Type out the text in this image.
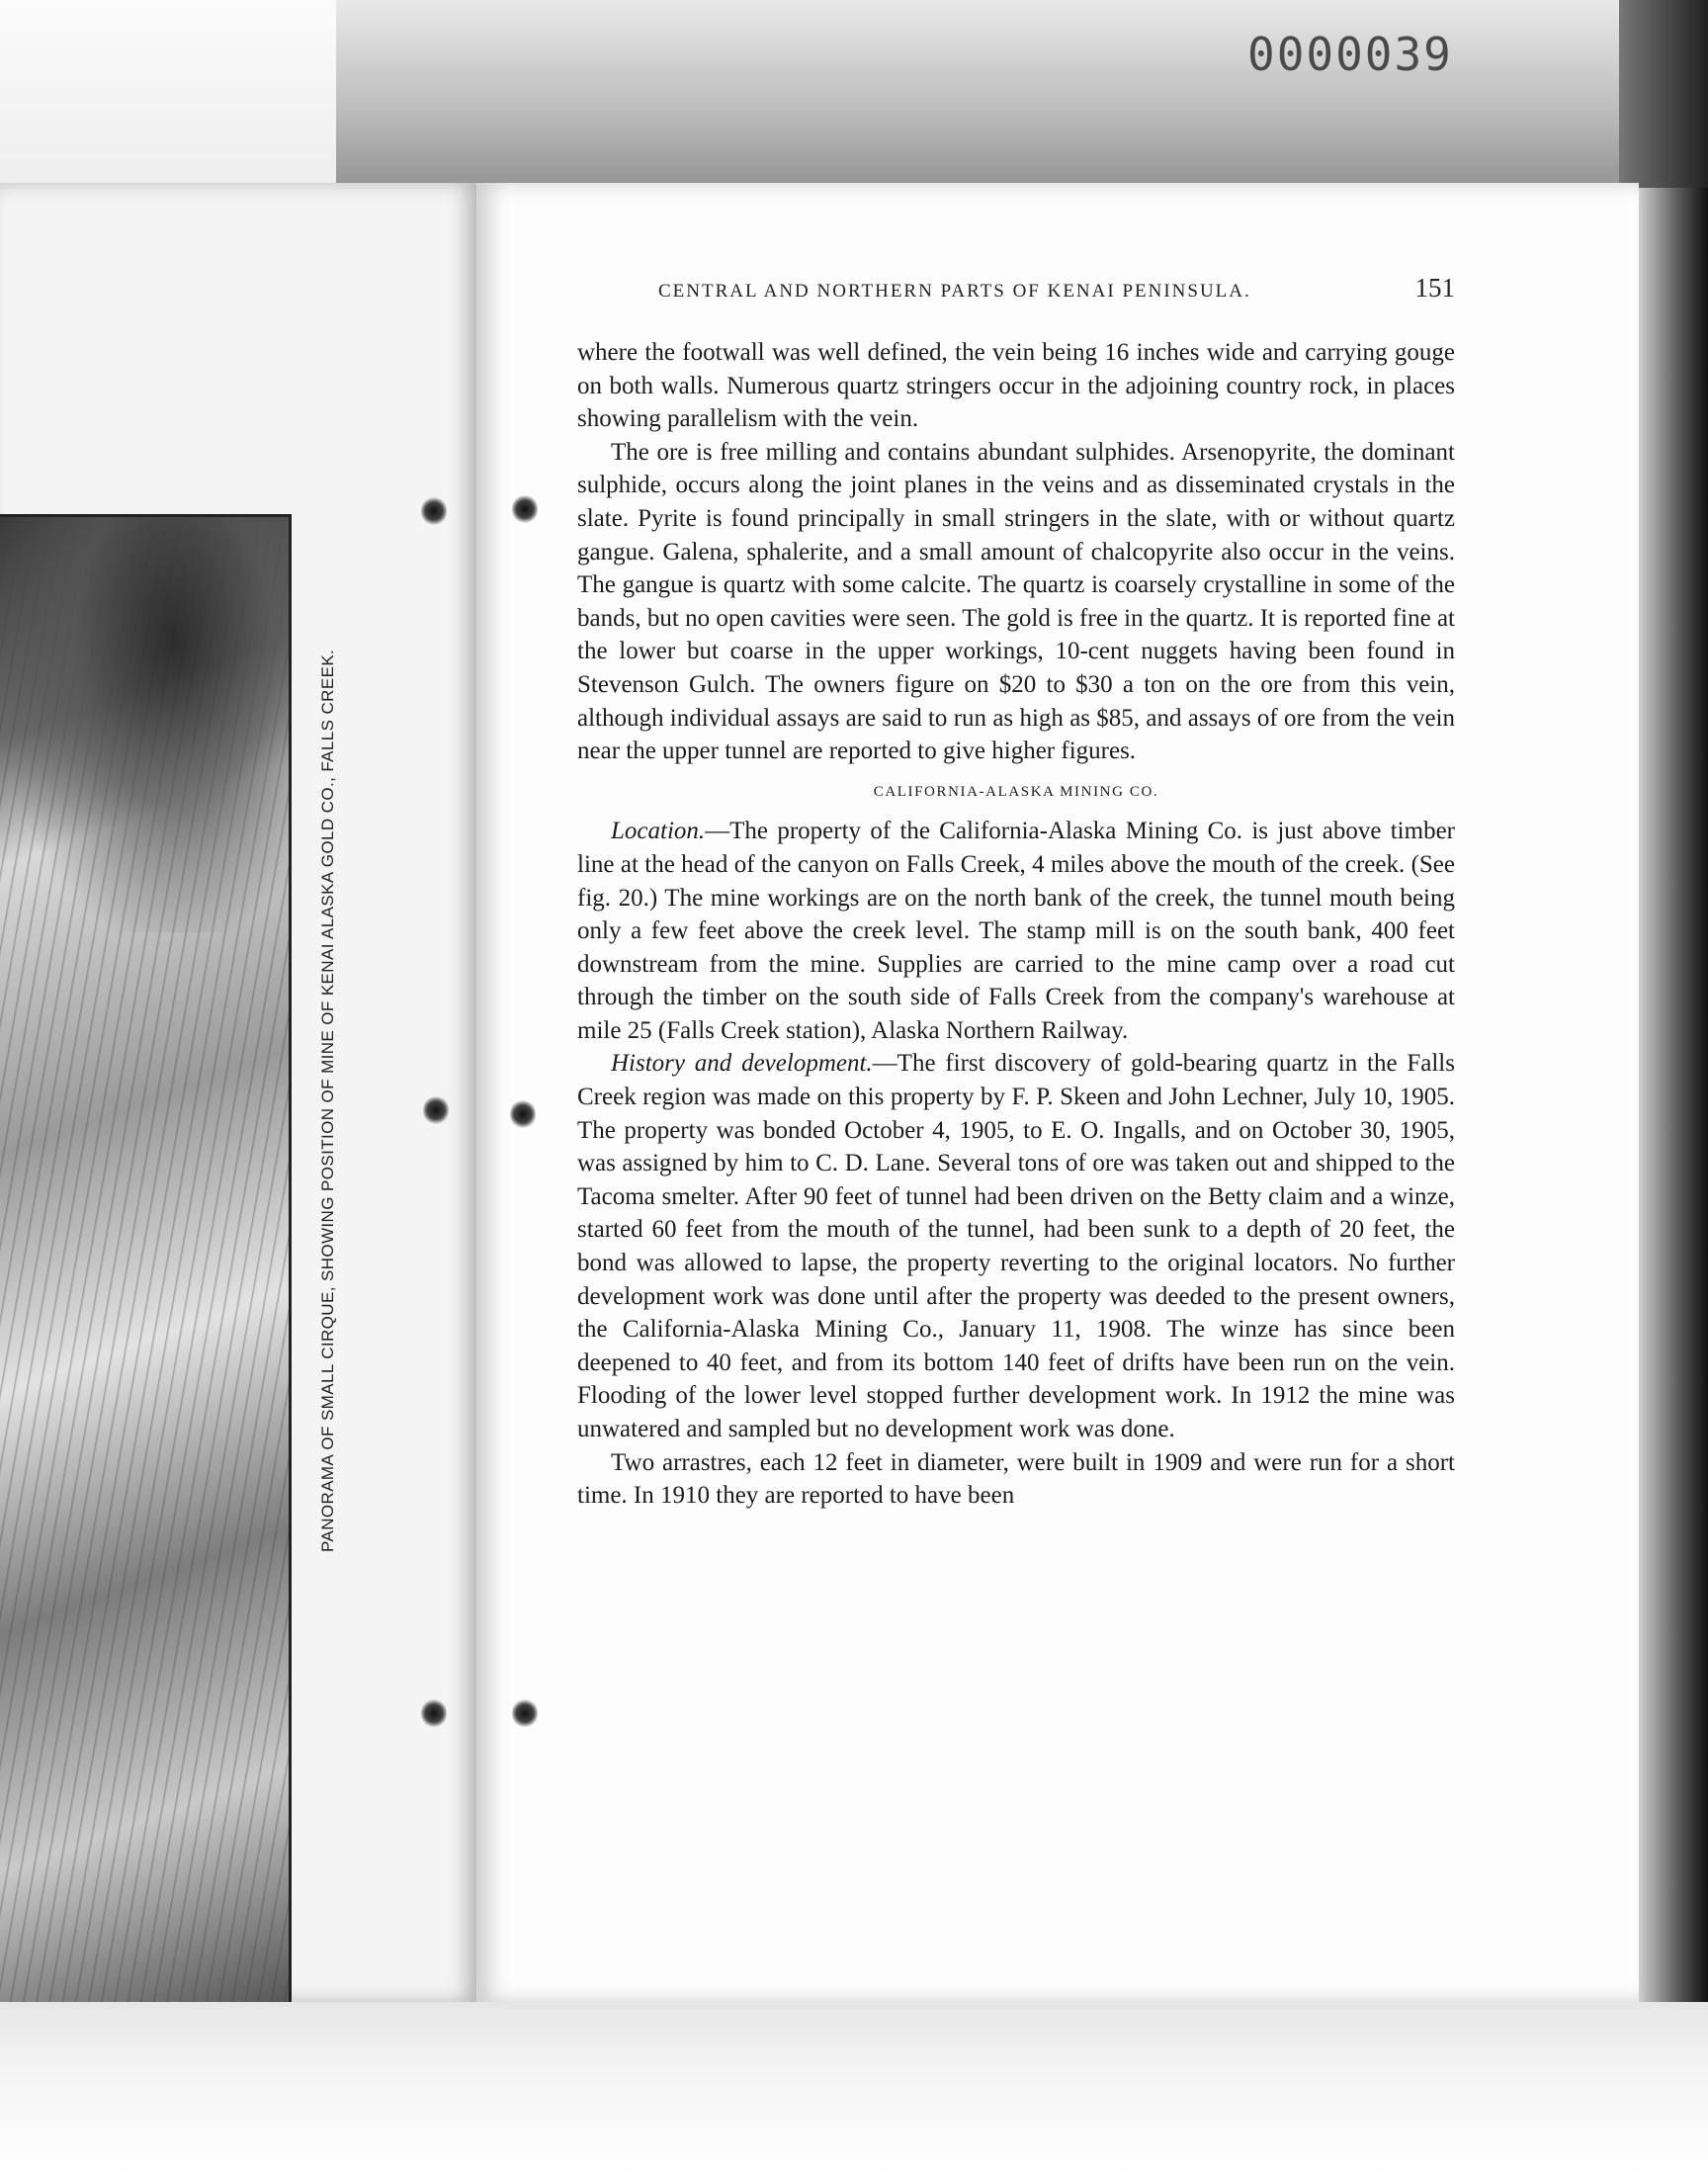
0000039
PANORAMA OF SMALL CIRQUE, SHOWING POSITION OF MINE OF KENAI ALASKA GOLD CO., FALLS CREEK.
CENTRAL AND NORTHERN PARTS OF KENAI PENINSULA.	151

where the footwall was well defined, the vein being 16 inches wide and carrying gouge on both walls. Numerous quartz stringers occur in the adjoining country rock, in places showing parallelism with the vein.

The ore is free milling and contains abundant sulphides. Arsenopyrite, the dominant sulphide, occurs along the joint planes in the veins and as disseminated crystals in the slate. Pyrite is found principally in small stringers in the slate, with or without quartz gangue. Galena, sphalerite, and a small amount of chalcopyrite also occur in the veins. The gangue is quartz with some calcite. The quartz is coarsely crystalline in some of the bands, but no open cavities were seen. The gold is free in the quartz. It is reported fine at the lower but coarse in the upper workings, 10-cent nuggets having been found in Stevenson Gulch. The owners figure on $20 to $30 a ton on the ore from this vein, although individual assays are said to run as high as $85, and assays of ore from the vein near the upper tunnel are reported to give higher figures.

CALIFORNIA-ALASKA MINING CO.

Location.—The property of the California-Alaska Mining Co. is just above timber line at the head of the canyon on Falls Creek, 4 miles above the mouth of the creek. (See fig. 20.) The mine workings are on the north bank of the creek, the tunnel mouth being only a few feet above the creek level. The stamp mill is on the south bank, 400 feet downstream from the mine. Supplies are carried to the mine camp over a road cut through the timber on the south side of Falls Creek from the company's warehouse at mile 25 (Falls Creek station), Alaska Northern Railway.

History and development.—The first discovery of gold-bearing quartz in the Falls Creek region was made on this property by F. P. Skeen and John Lechner, July 10, 1905. The property was bonded October 4, 1905, to E. O. Ingalls, and on October 30, 1905, was assigned by him to C. D. Lane. Several tons of ore was taken out and shipped to the Tacoma smelter. After 90 feet of tunnel had been driven on the Betty claim and a winze, started 60 feet from the mouth of the tunnel, had been sunk to a depth of 20 feet, the bond was allowed to lapse, the property reverting to the original locators. No further development work was done until after the property was deeded to the present owners, the California-Alaska Mining Co., January 11, 1908. The winze has since been deepened to 40 feet, and from its bottom 140 feet of drifts have been run on the vein. Flooding of the lower level stopped further development work. In 1912 the mine was unwatered and sampled but no development work was done.

Two arrastres, each 12 feet in diameter, were built in 1909 and were run for a short time. In 1910 they are reported to have been
